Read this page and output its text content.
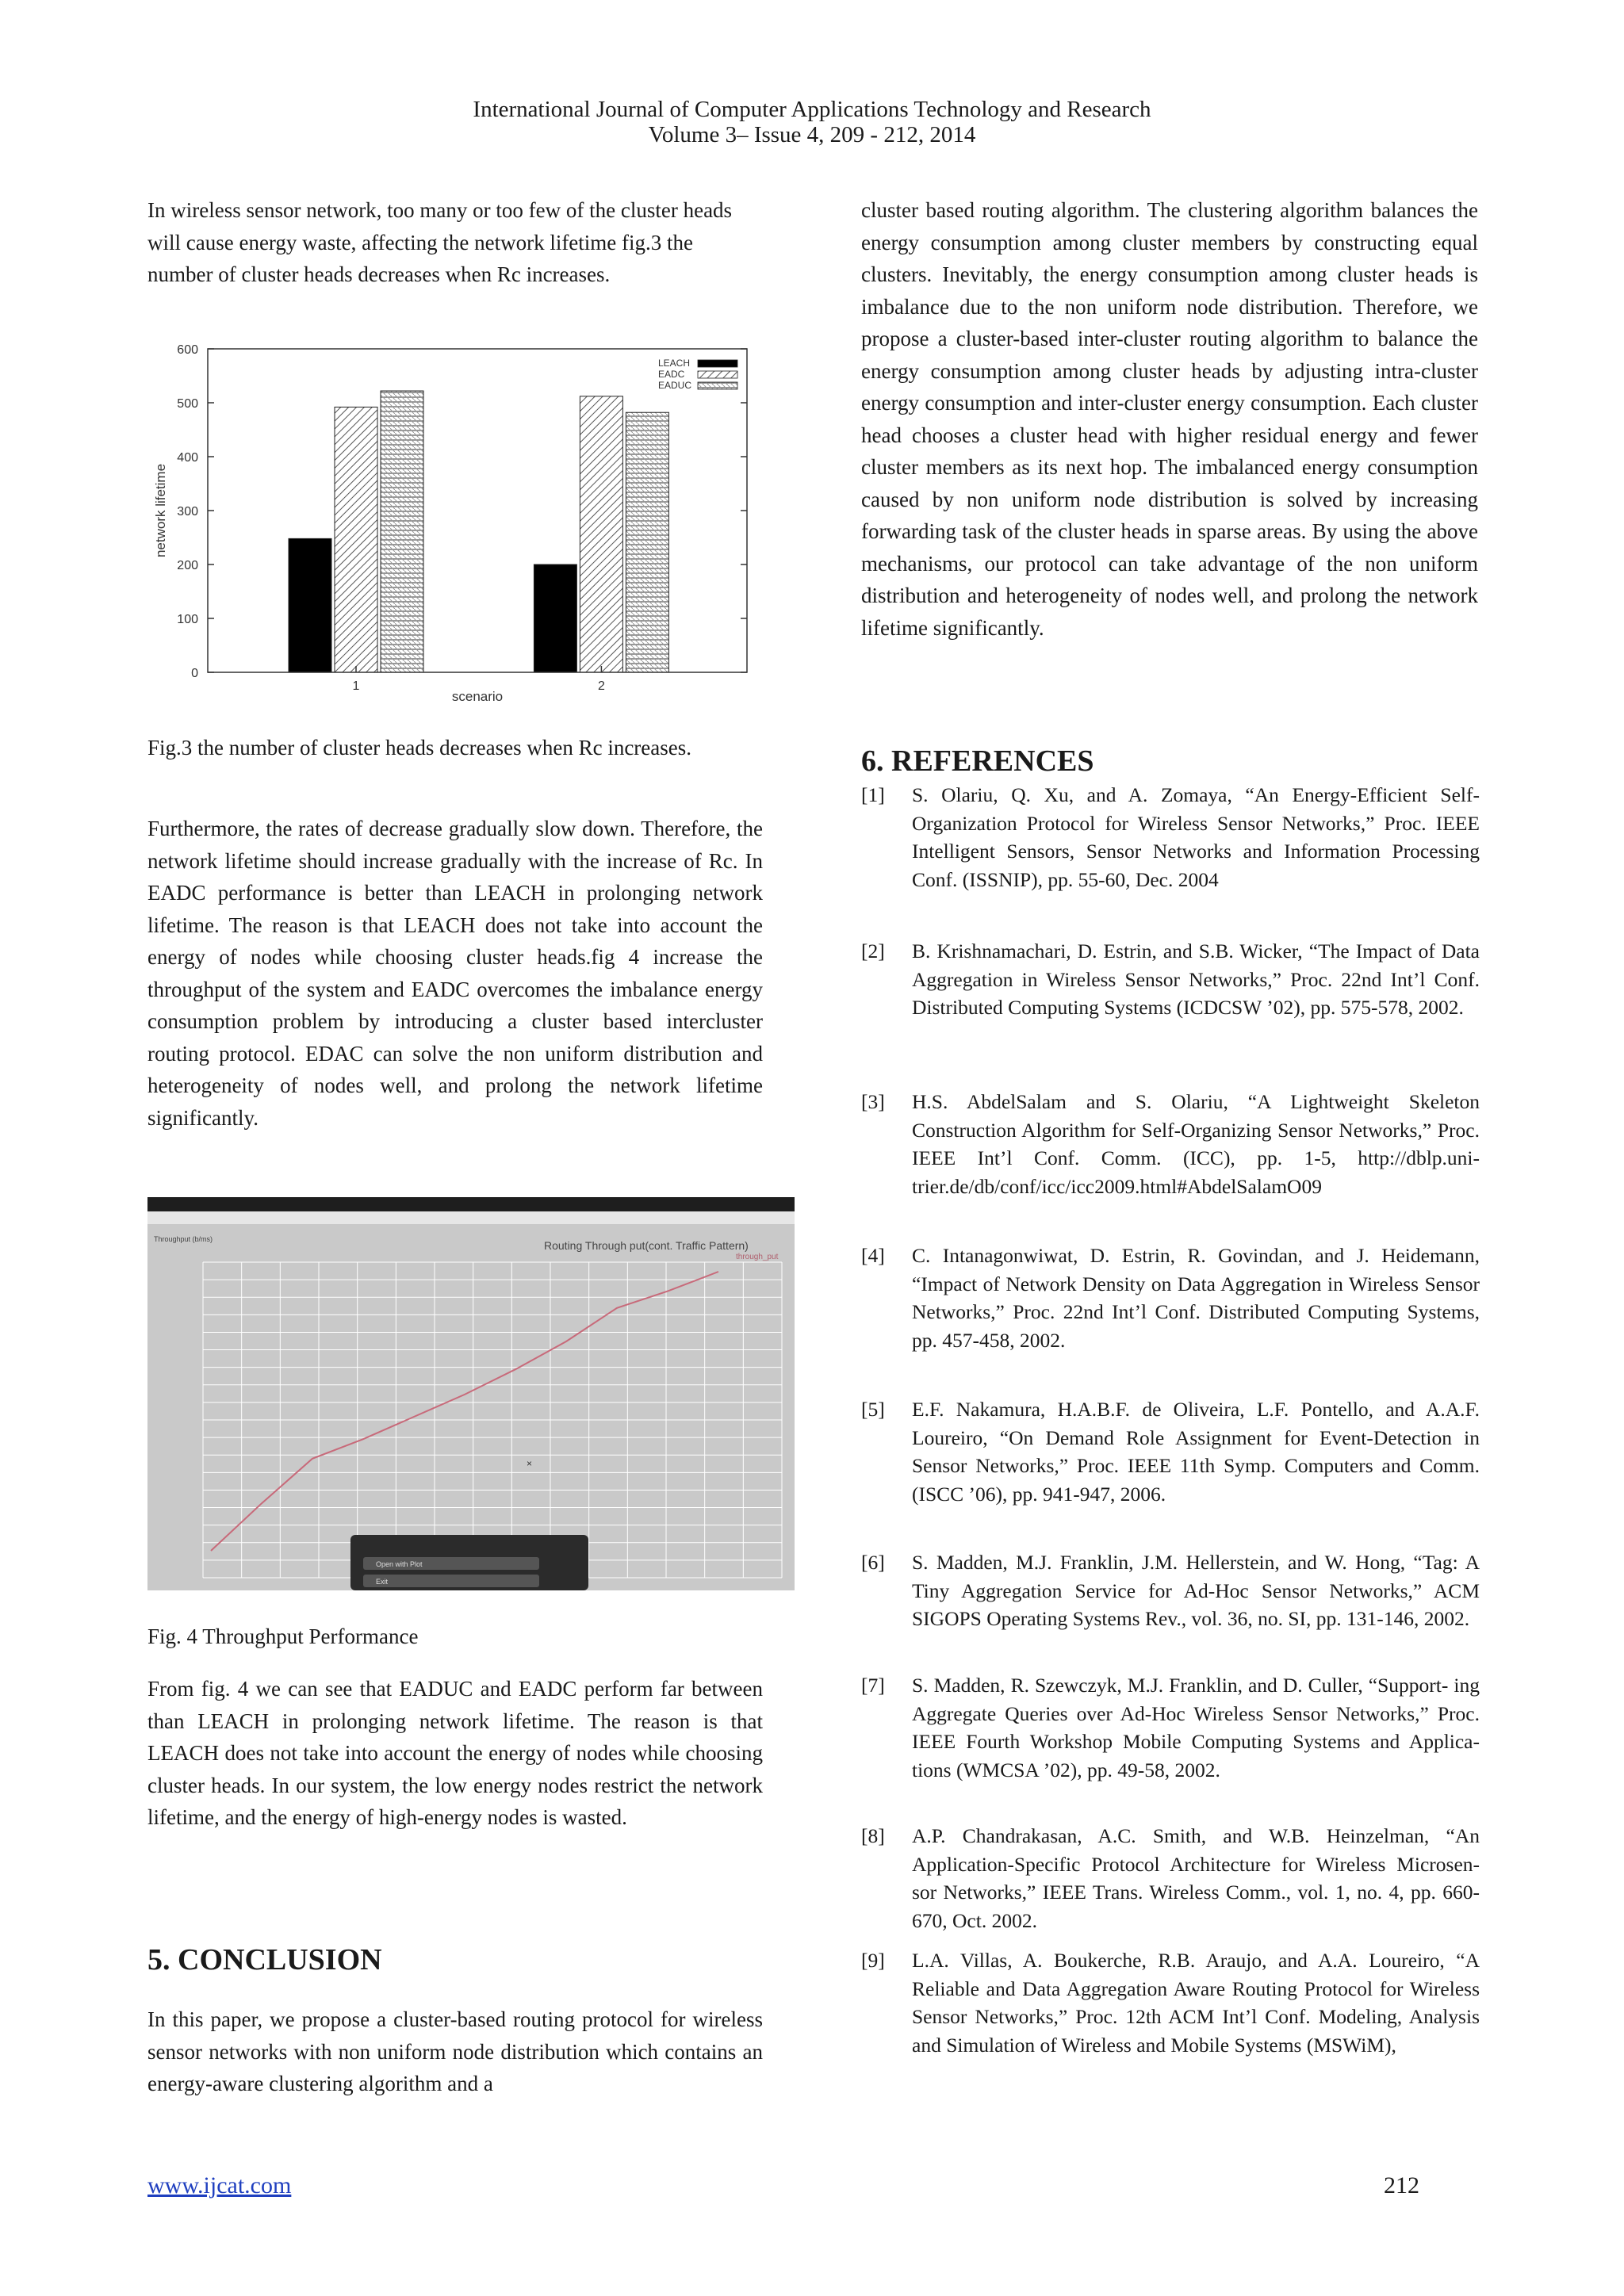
International Journal of Computer Applications Technology and Research
Volume 3– Issue 4, 209 - 212, 2014

In wireless sensor network, too many or too few of the cluster heads will cause energy waste, affecting the network lifetime fig.3 the number of cluster heads decreases when Rc increases.

0
100
200
300
400
500
600
network lifetime
scenario
1	2
LEACH
EADC
EADUC

Fig.3 the number of cluster heads decreases when Rc increases.

Furthermore, the rates of decrease gradually slow down. Therefore, the network lifetime should increase gradually with the increase of Rc. In EADC performance is better than LEACH in prolonging network lifetime. The reason is that LEACH does not take into account the energy of nodes while choosing cluster heads.fig 4 increase the throughput of the system and EADC overcomes the imbalance energy consumption problem by introducing a cluster based intercluster routing protocol. EDAC can solve the non uniform distribution and heterogeneity of nodes well, and prolong the network lifetime significantly.

Routing Through put(cont. Traffic Pattern)
Throughput (b/ms)
through_put
×
Open with Plot
Exit

Fig. 4 Throughput Performance

From fig. 4 we can see that EADUC and EADC perform far between than LEACH in prolonging network lifetime. The reason is that LEACH does not take into account the energy of nodes while choosing cluster heads. In our system, the low energy nodes restrict the network lifetime, and the energy of high-energy nodes is wasted.

5. CONCLUSION

In this paper, we propose a cluster-based routing protocol for wireless sensor networks with non uniform node distribution which contains an energy-aware clustering algorithm and a

cluster based routing algorithm. The clustering algorithm balances the energy consumption among cluster members by constructing equal clusters. Inevitably, the energy consumption among cluster heads is imbalance due to the non uniform node distribution. Therefore, we propose a cluster-based inter-cluster routing algorithm to balance the energy consumption among cluster heads by adjusting intra-cluster energy consumption and inter-cluster energy consumption. Each cluster head chooses a cluster head with higher residual energy and fewer cluster members as its next hop. The imbalanced energy consumption caused by non uniform node distribution is solved by increasing forwarding task of the cluster heads in sparse areas. By using the above mechanisms, our protocol can take advantage of the non uniform distribution and heterogeneity of nodes well, and prolong the network lifetime significantly.

6. REFERENCES
[1] S. Olariu, Q. Xu, and A. Zomaya, “An Energy-Efficient Self- Organization Protocol for Wireless Sensor Networks,” Proc. IEEE Intelligent Sensors, Sensor Networks and Information Processing Conf. (ISSNIP), pp. 55-60, Dec. 2004
[2] B. Krishnamachari, D. Estrin, and S.B. Wicker, “The Impact of Data Aggregation in Wireless Sensor Networks,” Proc. 22nd Int’l Conf. Distributed Computing Systems (ICDCSW ’02), pp. 575-578, 2002.
[3] H.S. AbdelSalam and S. Olariu, “A Lightweight Skeleton Construction Algorithm for Self-Organizing Sensor Networks,” Proc. IEEE Int’l Conf. Comm. (ICC), pp. 1-5, http://dblp.uni-trier.de/db/conf/icc/icc2009.html#AbdelSalamO09
[4] C. Intanagonwiwat, D. Estrin, R. Govindan, and J. Heidemann, “Impact of Network Density on Data Aggregation in Wireless Sensor Networks,” Proc. 22nd Int’l Conf. Distributed Computing Systems, pp. 457-458, 2002.
[5] E.F. Nakamura, H.A.B.F. de Oliveira, L.F. Pontello, and A.A.F. Loureiro, “On Demand Role Assignment for Event-Detection in Sensor Networks,” Proc. IEEE 11th Symp. Computers and Comm. (ISCC ’06), pp. 941-947, 2006.
[6] S. Madden, M.J. Franklin, J.M. Hellerstein, and W. Hong, “Tag: A Tiny Aggregation Service for Ad-Hoc Sensor Networks,” ACM SIGOPS Operating Systems Rev., vol. 36, no. SI, pp. 131-146, 2002.
[7] S. Madden, R. Szewczyk, M.J. Franklin, and D. Culler, “Support- ing Aggregate Queries over Ad-Hoc Wireless Sensor Networks,” Proc. IEEE Fourth Workshop Mobile Computing Systems and Applica- tions (WMCSA ’02), pp. 49-58, 2002.
[8] A.P. Chandrakasan, A.C. Smith, and W.B. Heinzelman, “An Application-Specific Protocol Architecture for Wireless Microsen- sor Networks,” IEEE Trans. Wireless Comm., vol. 1, no. 4, pp. 660- 670, Oct. 2002.
[9] L.A. Villas, A. Boukerche, R.B. Araujo, and A.A. Loureiro, “A Reliable and Data Aggregation Aware Routing Protocol for Wireless Sensor Networks,” Proc. 12th ACM Int’l Conf. Modeling, Analysis and Simulation of Wireless and Mobile Systems (MSWiM),
www.ijcat.com	212
